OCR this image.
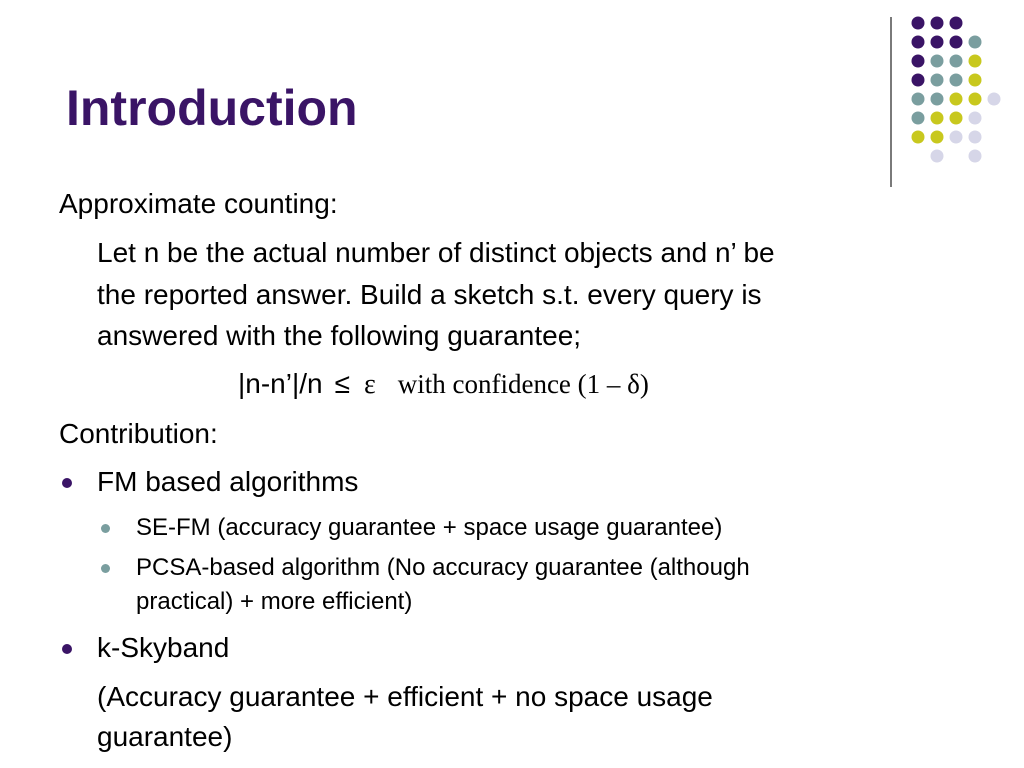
Introduction
Approximate counting:
Let n be the actual number of distinct objects and n’ be
the reported answer. Build a sketch s.t. every query is
answered with the following guarantee;
|n-n’|/n ≤ ε with confidence (1 – δ)
Contribution:
FM based algorithms
SE-FM (accuracy guarantee + space usage guarantee)
PCSA-based algorithm (No accuracy guarantee (although
practical) + more efficient)
k-Skyband
(Accuracy guarantee + efficient + no space usage
guarantee)
